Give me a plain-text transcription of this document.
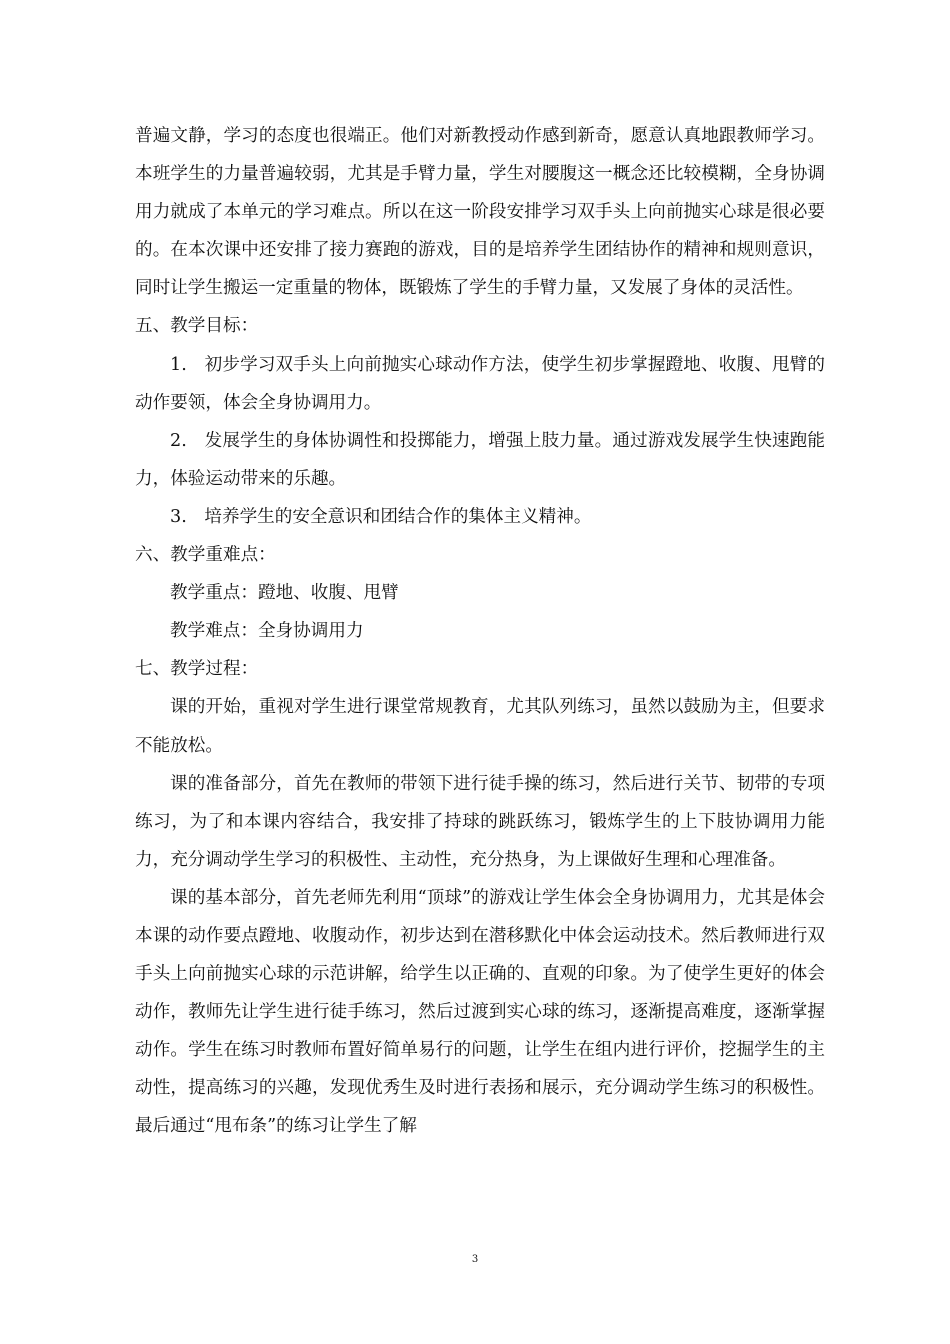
普遍文静，学习的态度也很端正。他们对新教授动作感到新奇，愿意认真地跟教师学习。本班学生的力量普遍较弱，尤其是手臂力量，学生对腰腹这一概念还比较模糊，全身协调用力就成了本单元的学习难点。所以在这一阶段安排学习双手头上向前抛实心球是很必要的。在本次课中还安排了接力赛跑的游戏，目的是培养学生团结协作的精神和规则意识，同时让学生搬运一定重量的物体，既锻炼了学生的手臂力量，又发展了身体的灵活性。

五、教学目标：

1.　初步学习双手头上向前抛实心球动作方法，使学生初步掌握蹬地、收腹、甩臂的动作要领，体会全身协调用力。

2.　发展学生的身体协调性和投掷能力，增强上肢力量。通过游戏发展学生快速跑能力，体验运动带来的乐趣。

3.　培养学生的安全意识和团结合作的集体主义精神。

六、教学重难点：

教学重点：蹬地、收腹、甩臂

教学难点：全身协调用力

七、教学过程：

课的开始，重视对学生进行课堂常规教育，尤其队列练习，虽然以鼓励为主，但要求不能放松。

课的准备部分，首先在教师的带领下进行徒手操的练习，然后进行关节、韧带的专项练习，为了和本课内容结合，我安排了持球的跳跃练习，锻炼学生的上下肢协调用力能力，充分调动学生学习的积极性、主动性，充分热身，为上课做好生理和心理准备。

课的基本部分，首先老师先利用“顶球”的游戏让学生体会全身协调用力，尤其是体会本课的动作要点蹬地、收腹动作，初步达到在潜移默化中体会运动技术。然后教师进行双手头上向前抛实心球的示范讲解，给学生以正确的、直观的印象。为了使学生更好的体会动作，教师先让学生进行徒手练习，然后过渡到实心球的练习，逐渐提高难度，逐渐掌握动作。学生在练习时教师布置好简单易行的问题，让学生在组内进行评价，挖掘学生的主动性，提高练习的兴趣，发现优秀生及时进行表扬和展示，充分调动学生练习的积极性。最后通过“甩布条”的练习让学生了解

3
